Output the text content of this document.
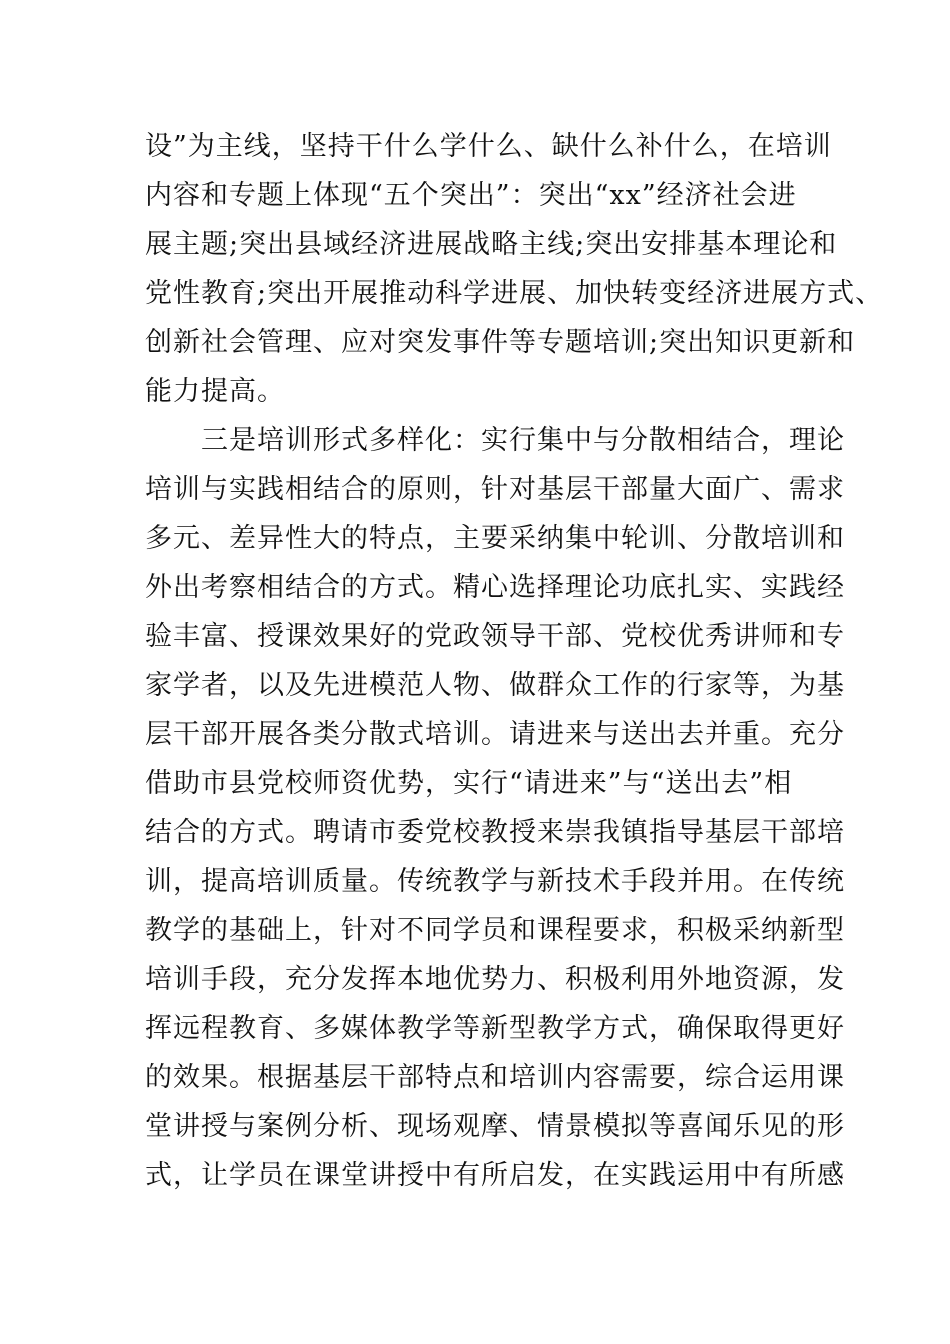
设”为主线，坚持干什么学什么、缺什么补什么，在培训
内容和专题上体现“五个突出”：突出“xx”经济社会进
展主题;突出县域经济进展战略主线;突出安排基本理论和
党性教育;突出开展推动科学进展、加快转变经济进展方式、
创新社会管理、应对突发事件等专题培训;突出知识更新和
能力提高。
　　三是培训形式多样化：实行集中与分散相结合，理论
培训与实践相结合的原则，针对基层干部量大面广、需求
多元、差异性大的特点，主要采纳集中轮训、分散培训和
外出考察相结合的方式。精心选择理论功底扎实、实践经
验丰富、授课效果好的党政领导干部、党校优秀讲师和专
家学者，以及先进模范人物、做群众工作的行家等，为基
层干部开展各类分散式培训。请进来与送出去并重。充分
借助市县党校师资优势，实行“请进来”与“送出去”相
结合的方式。聘请市委党校教授来崇我镇指导基层干部培
训，提高培训质量。传统教学与新技术手段并用。在传统
教学的基础上，针对不同学员和课程要求，积极采纳新型
培训手段，充分发挥本地优势力、积极利用外地资源，发
挥远程教育、多媒体教学等新型教学方式，确保取得更好
的效果。根据基层干部特点和培训内容需要，综合运用课
堂讲授与案例分析、现场观摩、情景模拟等喜闻乐见的形
式，让学员在课堂讲授中有所启发，在实践运用中有所感
